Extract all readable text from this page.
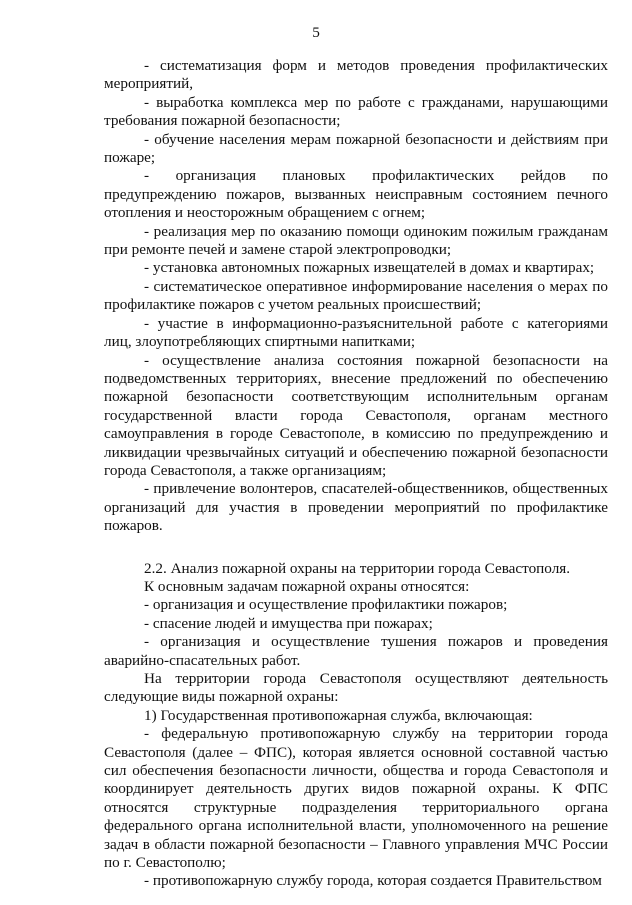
5

- систематизация форм и методов проведения профилактических мероприятий,

- выработка комплекса мер по работе с гражданами, нарушающими требования пожарной безопасности;

- обучение населения мерам пожарной безопасности и действиям при пожаре;

- организация плановых профилактических рейдов по предупреждению пожаров, вызванных неисправным состоянием печного отопления и неосторожным обращением с огнем;

- реализация мер по оказанию помощи одиноким пожилым гражданам при ремонте печей и замене старой электропроводки;

- установка автономных пожарных извещателей в домах и квартирах;

- систематическое оперативное информирование населения о мерах по профилактике пожаров с учетом реальных происшествий;

- участие в информационно-разъяснительной работе с категориями лиц, злоупотребляющих спиртными напитками;

- осуществление анализа состояния пожарной безопасности на подведомственных территориях, внесение предложений по обеспечению пожарной безопасности соответствующим исполнительным органам государственной власти города Севастополя, органам местного самоуправления в городе Севастополе, в комиссию по предупреждению и ликвидации чрезвычайных ситуаций и обеспечению пожарной безопасности города Севастополя, а также организациям;

- привлечение волонтеров, спасателей-общественников, общественных организаций для участия в проведении мероприятий по профилактике пожаров.

2.2. Анализ пожарной охраны на территории города Севастополя.

К основным задачам пожарной охраны относятся:

- организация и осуществление профилактики пожаров;

- спасение людей и имущества при пожарах;

- организация и осуществление тушения пожаров и проведения аварийно-спасательных работ.

На территории города Севастополя осуществляют деятельность следующие виды пожарной охраны:

1) Государственная противопожарная служба, включающая:

- федеральную противопожарную службу на территории города Севастополя (далее – ФПС), которая является основной составной частью сил обеспечения безопасности личности, общества и города Севастополя и координирует деятельность других видов пожарной охраны. К ФПС относятся структурные подразделения территориального органа федерального органа исполнительной власти, уполномоченного на решение задач в области пожарной безопасности – Главного управления МЧС России по г. Севастополю;

- противопожарную службу города, которая создается Правительством
